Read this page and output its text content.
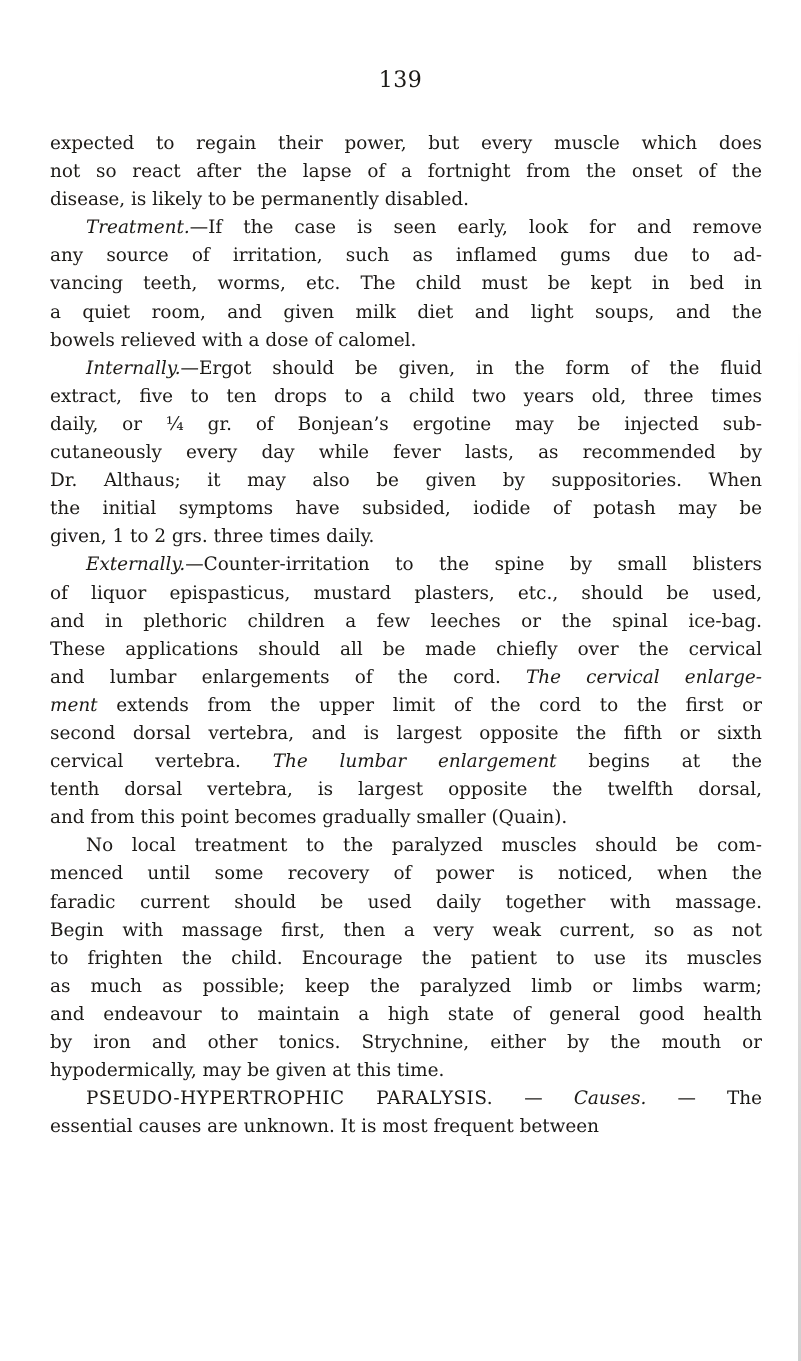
139
expected to regain their power, but every muscle which does
not so react after the lapse of a fortnight from the onset of the
disease, is likely to be permanently disabled.
Treatment.—If the case is seen early, look for and remove
any source of irritation, such as inflamed gums due to ad-
vancing teeth, worms, etc. The child must be kept in bed in
a quiet room, and given milk diet and light soups, and the
bowels relieved with a dose of calomel.
Internally.—Ergot should be given, in the form of the fluid
extract, five to ten drops to a child two years old, three times
daily, or ¼ gr. of Bonjean’s ergotine may be injected sub-
cutaneously every day while fever lasts, as recommended by
Dr. Althaus; it may also be given by suppositories. When
the initial symptoms have subsided, iodide of potash may be
given, 1 to 2 grs. three times daily.
Externally.—Counter-irritation to the spine by small blisters
of liquor epispasticus, mustard plasters, etc., should be used,
and in plethoric children a few leeches or the spinal ice-bag.
These applications should all be made chiefly over the cervical
and lumbar enlargements of the cord. The cervical enlarge-
ment extends from the upper limit of the cord to the first or
second dorsal vertebra, and is largest opposite the fifth or sixth
cervical vertebra. The lumbar enlargement begins at the
tenth dorsal vertebra, is largest opposite the twelfth dorsal,
and from this point becomes gradually smaller (Quain).
No local treatment to the paralyzed muscles should be com-
menced until some recovery of power is noticed, when the
faradic current should be used daily together with massage.
Begin with massage first, then a very weak current, so as not
to frighten the child. Encourage the patient to use its muscles
as much as possible; keep the paralyzed limb or limbs warm;
and endeavour to maintain a high state of general good health
by iron and other tonics. Strychnine, either by the mouth or
hypodermically, may be given at this time.
PSEUDO-HYPERTROPHIC PARALYSIS. — Causes. — The
essential causes are unknown. It is most frequent between
